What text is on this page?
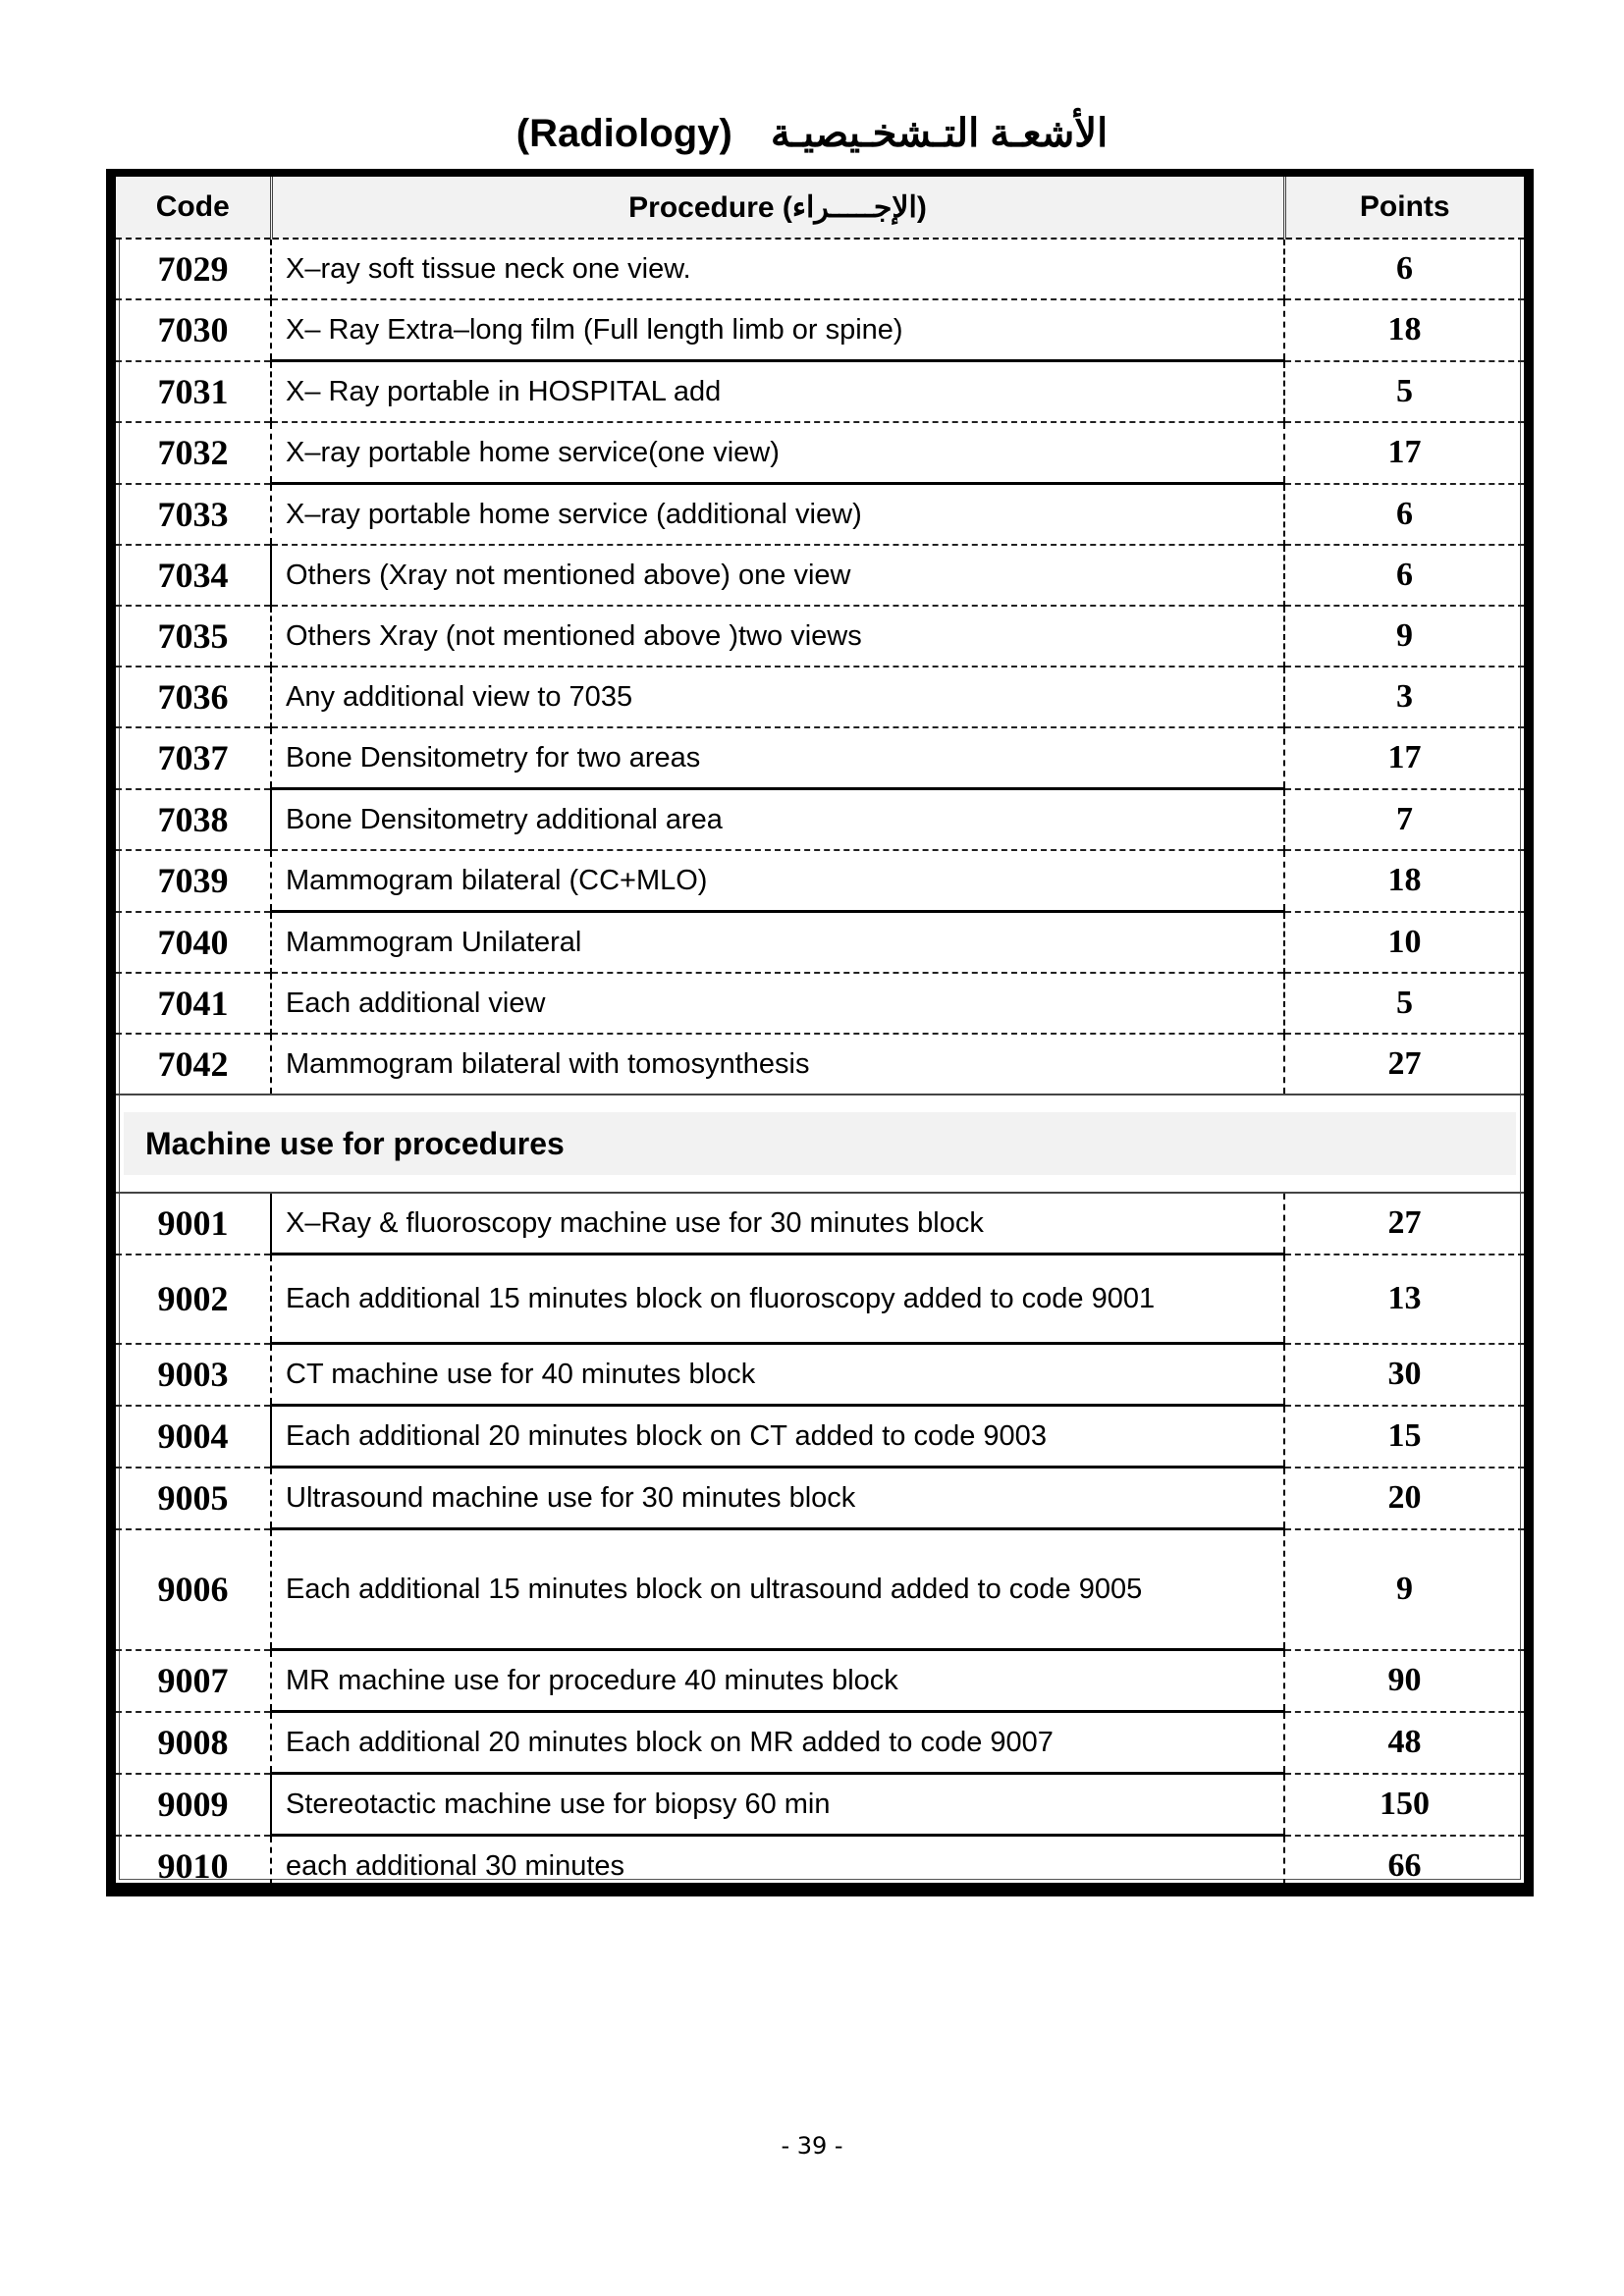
(Radiology) الأشعـة التـشخـيصيـة
Code	Procedure (الإجـــــراء)	Points
7029	X–ray soft tissue neck one view.	6
7030	X– Ray Extra–long film (Full length limb or spine)	18
7031	X– Ray portable in HOSPITAL add	5
7032	X–ray portable home service(one view)	17
7033	X–ray portable home service (additional view)	6
7034	Others (Xray not mentioned above) one view	6
7035	Others Xray (not mentioned above )two views	9
7036	Any additional view to 7035	3
7037	Bone Densitometry for two areas	17
7038	Bone Densitometry additional area	7
7039	Mammogram bilateral (CC+MLO)	18
7040	Mammogram Unilateral	10
7041	Each additional view	5
7042	Mammogram bilateral with tomosynthesis	27

Machine use for procedures		

9001	X–Ray & fluoroscopy machine use for 30 minutes block	27
9002	Each additional 15 minutes block on fluoroscopy added to code 9001	13
9003	CT machine use for 40 minutes block	30
9004	Each additional 20 minutes block on CT added to code 9003	15
9005	Ultrasound machine use for 30 minutes block	20
9006	Each additional 15 minutes block on ultrasound added to code 9005	9
9007	MR machine use for procedure 40 minutes block	90
9008	Each additional 20 minutes block on MR added to code 9007	48
9009	Stereotactic machine use for biopsy 60 min	150
9010	each additional 30 minutes	66
- 39 -
